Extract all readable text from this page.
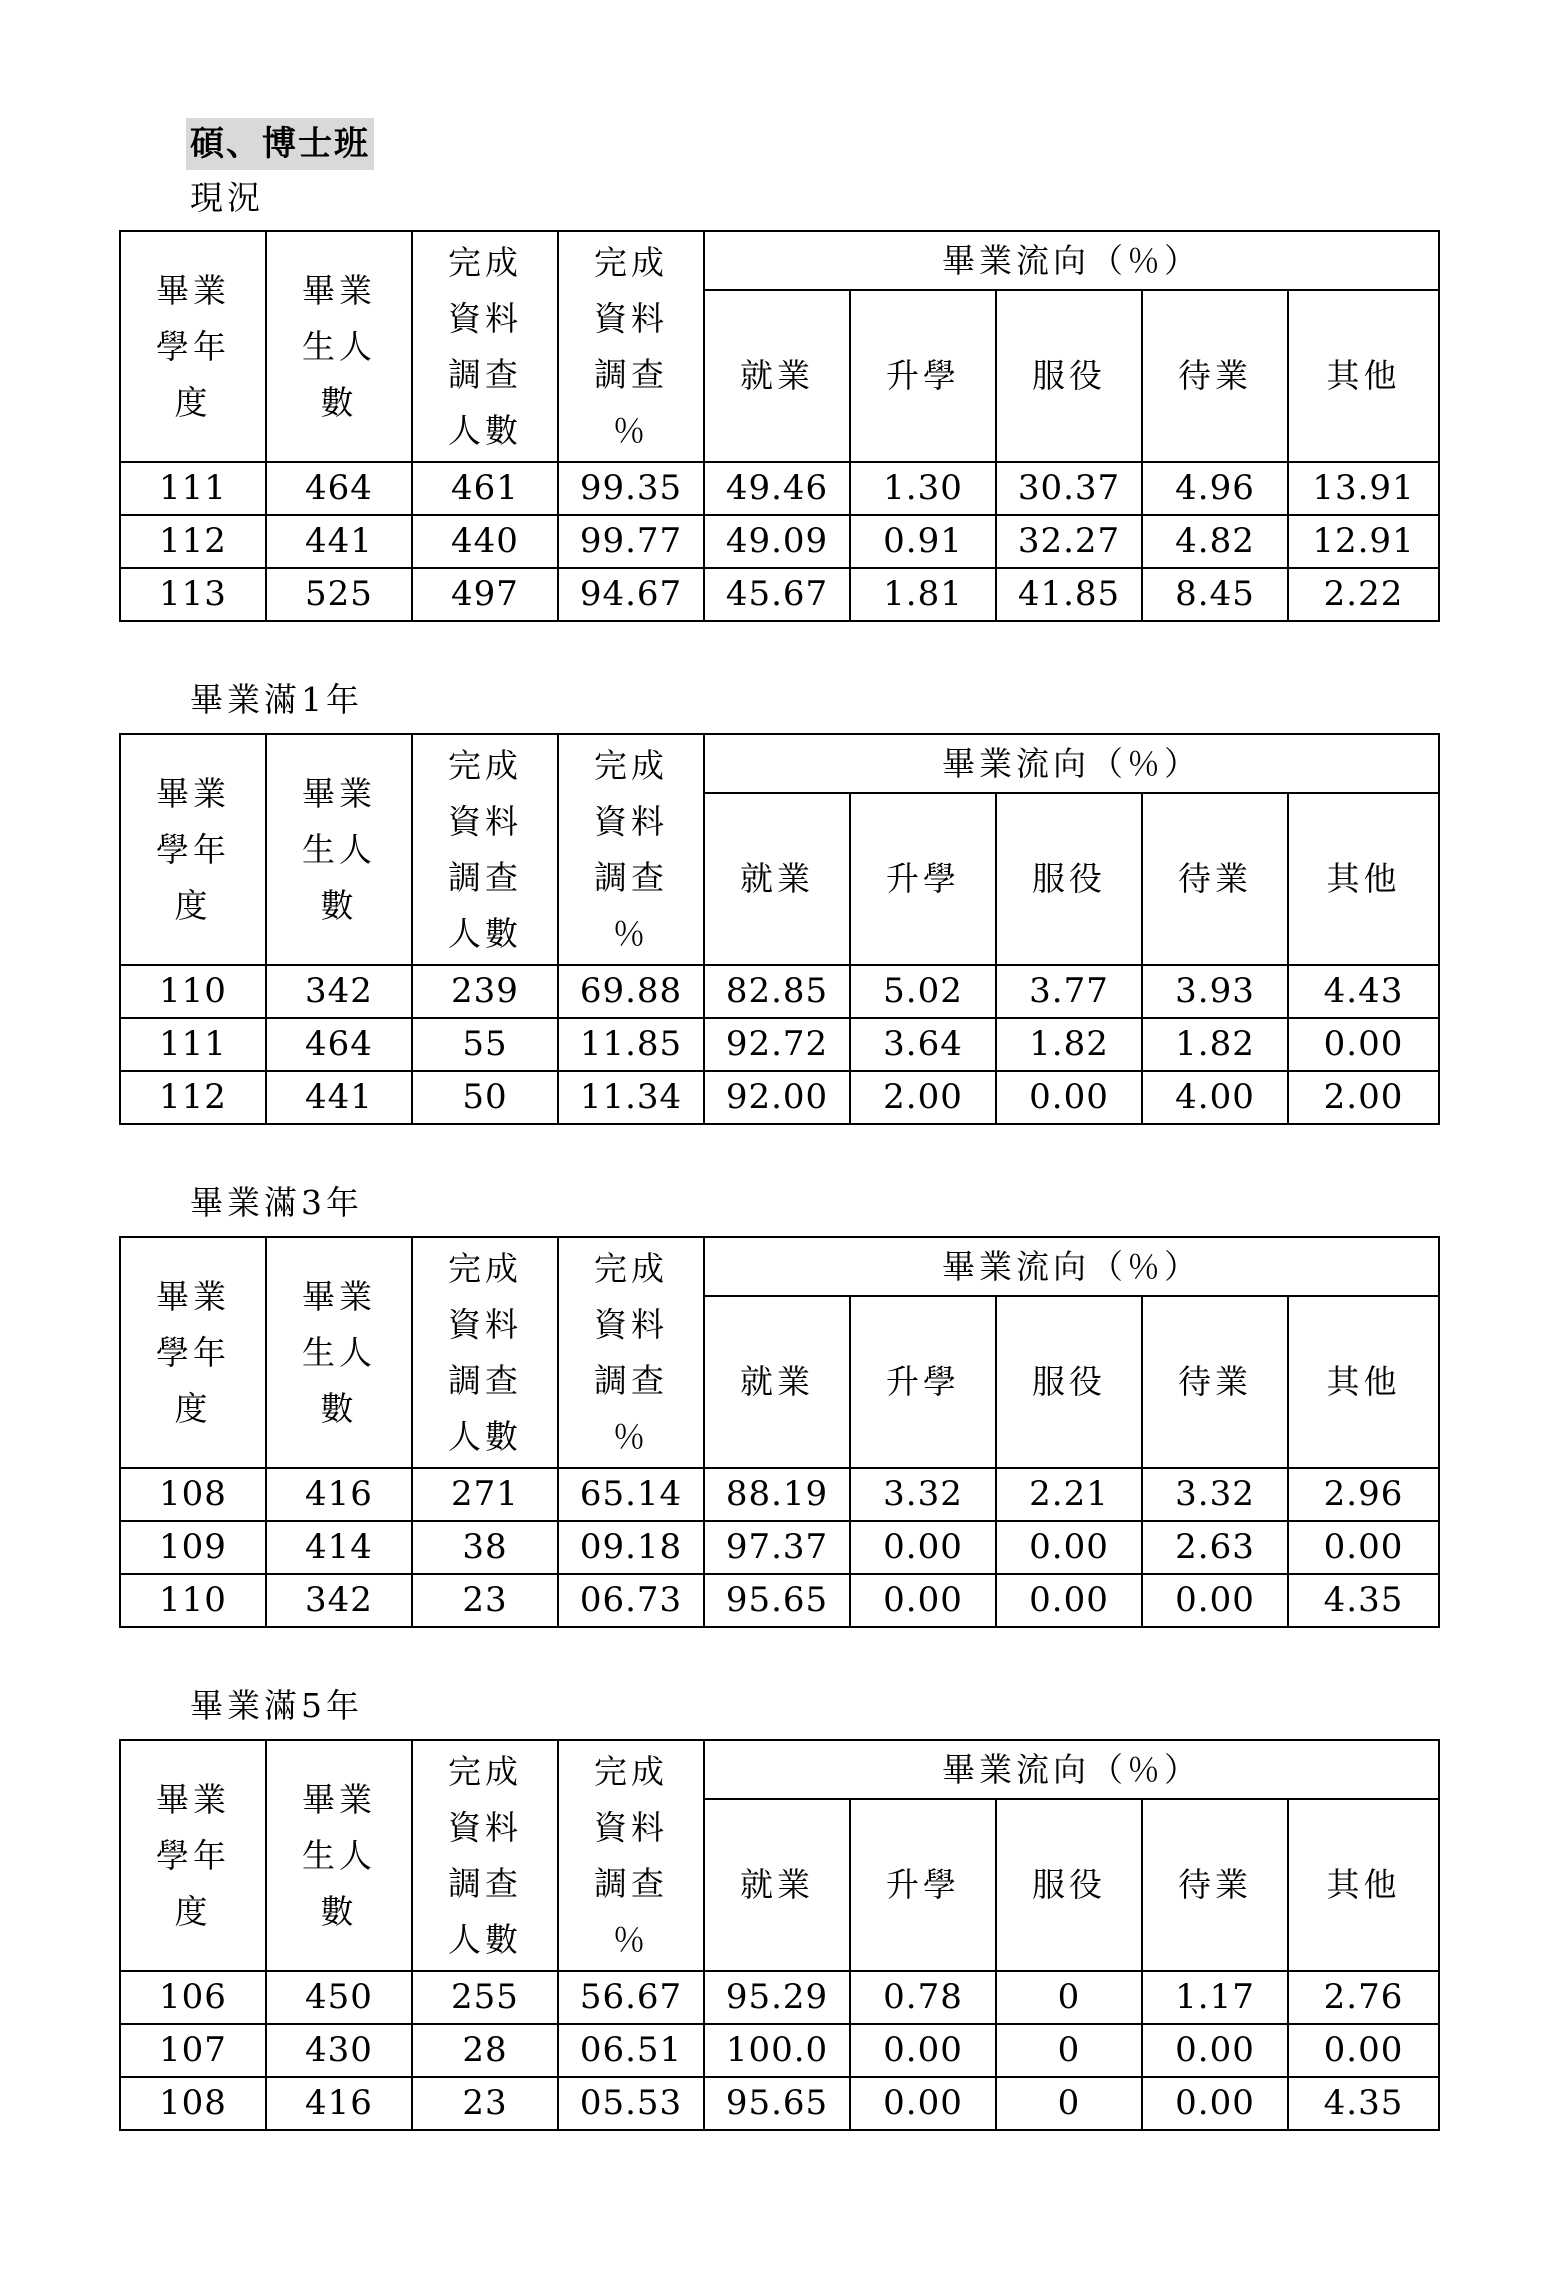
碩、博士班
現況
畢業
學年
度	畢業
生人
數	完成
資料
調查
人數	完成
資料
調查
％	畢業流向（％）				
				就業	升學	服役	待業	其他
111	464	461	99.35	49.46	1.30	30.37	4.96	13.91
112	441	440	99.77	49.09	0.91	32.27	4.82	12.91
113	525	497	94.67	45.67	1.81	41.85	8.45	2.22
畢業滿1年
畢業
學年
度	畢業
生人
數	完成
資料
調查
人數	完成
資料
調查
％	畢業流向（％）				
				就業	升學	服役	待業	其他
110	342	239	69.88	82.85	5.02	3.77	3.93	4.43
111	464	55	11.85	92.72	3.64	1.82	1.82	0.00
112	441	50	11.34	92.00	2.00	0.00	4.00	2.00
畢業滿3年
畢業
學年
度	畢業
生人
數	完成
資料
調查
人數	完成
資料
調查
％	畢業流向（％）				
				就業	升學	服役	待業	其他
108	416	271	65.14	88.19	3.32	2.21	3.32	2.96
109	414	38	09.18	97.37	0.00	0.00	2.63	0.00
110	342	23	06.73	95.65	0.00	0.00	0.00	4.35
畢業滿5年
畢業
學年
度	畢業
生人
數	完成
資料
調查
人數	完成
資料
調查
％	畢業流向（％）				
				就業	升學	服役	待業	其他
106	450	255	56.67	95.29	0.78	0	1.17	2.76
107	430	28	06.51	100.0	0.00	0	0.00	0.00
108	416	23	05.53	95.65	0.00	0	0.00	4.35
